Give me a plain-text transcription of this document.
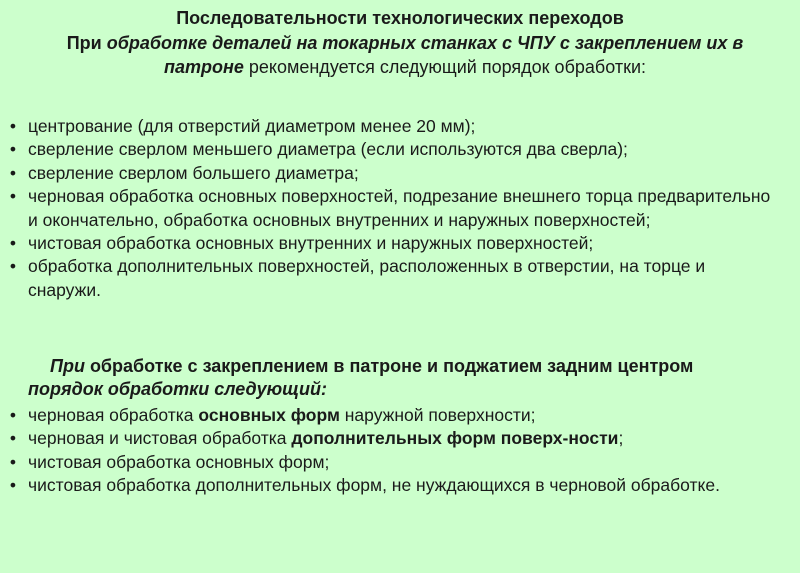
Последовательности технологических переходов
При обработке деталей на токарных станках с ЧПУ с закреплением их в патроне рекомендуется следующий порядок обработки:
• центрование (для отверстий диаметром менее 20 мм);
• сверление сверлом меньшего диаметра (если используются два сверла);
• сверление сверлом большего диаметра;
• черновая обработка основных поверхностей, подрезание внешнего торца предварительно и окончательно, обработка основных внутренних и наружных поверхностей;
• чистовая обработка основных внутренних и наружных поверхностей;
• обработка дополнительных поверхностей, расположенных в отверстии, на торце и снаружи.
При обработке с закреплением в патроне и поджатием задним центром порядок обработки следующий:
• черновая обработка основных форм наружной поверхности;
• черновая и чистовая обработка дополнительных форм поверх-ности;
• чистовая обработка основных форм;
• чистовая обработка дополнительных форм, не нуждающихся в черновой обработке.
